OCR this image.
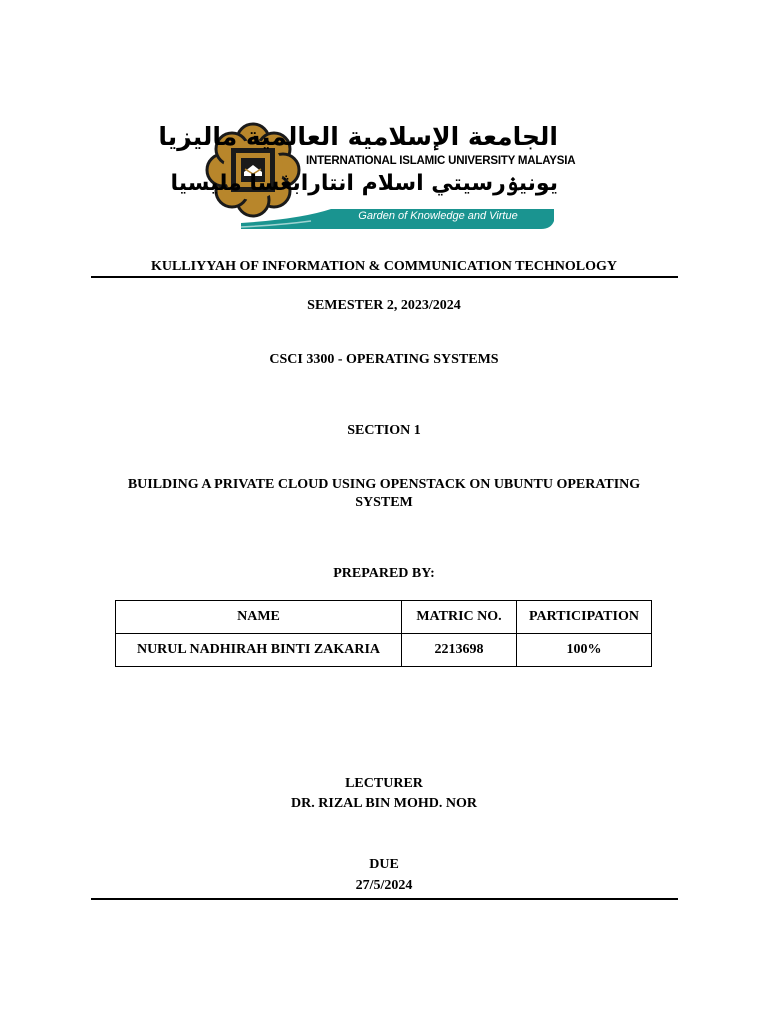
الجامعة الإسلامية العالمية ماليزيا
INTERNATIONAL ISLAMIC UNIVERSITY MALAYSIA
يونيۏرسيتي اسلام انتارابڠسا مليسيا
Garden of Knowledge and Virtue
KULLIYYAH OF INFORMATION & COMMUNICATION TECHNOLOGY
SEMESTER 2, 2023/2024
CSCI 3300 - OPERATING SYSTEMS
SECTION 1
BUILDING A PRIVATE CLOUD USING OPENSTACK ON UBUNTU OPERATING
SYSTEM
PREPARED BY:
NAME	MATRIC NO.	PARTICIPATION
NURUL NADHIRAH BINTI ZAKARIA	2213698	100%
LECTURER
DR. RIZAL BIN MOHD. NOR
DUE
27/5/2024
